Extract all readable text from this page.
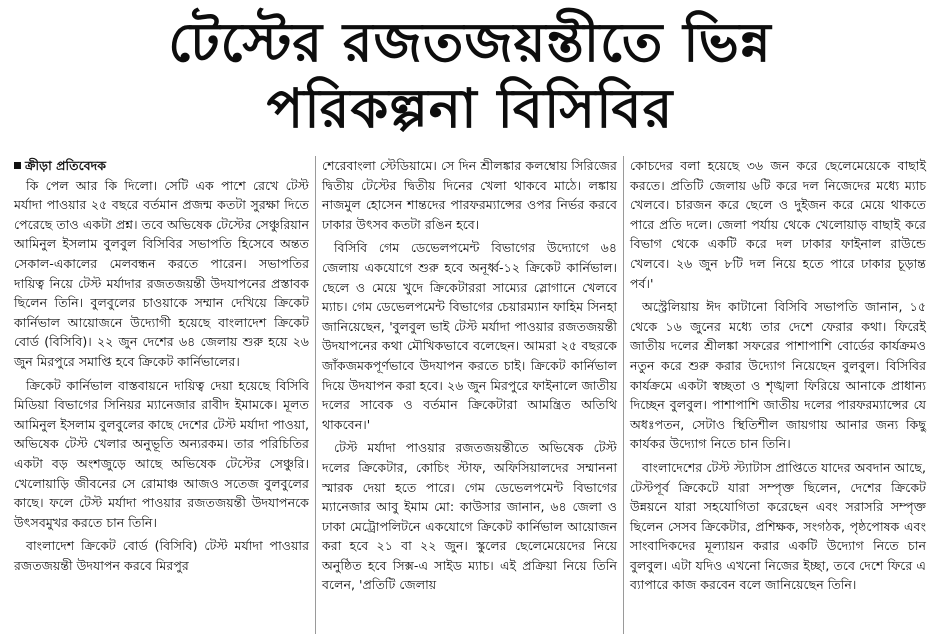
টেস্টের রজতজয়ন্তীতে ভিন্ন
পরিকল্পনা বিসিবির
ক্রীড়া প্রতিবেদক

কি পেল আর কি দিলো। সেটি এক পাশে রেখে টেস্ট মর্যাদা পাওয়ার ২৫ বছরে বর্তমান প্রজন্ম কতটা সুরক্ষা দিতে পেরেছে তাও একটা প্রশ্ন। তবে অভিষেক টেস্টের সেঞ্চুরিয়ান আমিনুল ইসলাম বুলবুল বিসিবির সভাপতি হিসেবে অন্তত সেকাল-একালের মেলবন্ধন করতে পারেন। সভাপতির দায়িত্ব নিয়ে টেস্ট মর্যাদার রজতজয়ন্তী উদযাপনের প্রস্তাবক ছিলেন তিনি। বুলবুলের চাওয়াকে সম্মান দেখিয়ে ক্রিকেট কার্নিভাল আয়োজনে উদ্যোগী হয়েছে বাংলাদেশ ক্রিকেট বোর্ড (বিসিবি)। ২২ জুন দেশের ৬৪ জেলায় শুরু হয়ে ২৬ জুন মিরপুরে সমাপ্তি হবে ক্রিকেট কার্নিভালের।

ক্রিকেট কার্নিভাল বাস্তবায়নে দায়িত্ব দেয়া হয়েছে বিসিবি মিডিয়া বিভাগের সিনিয়র ম্যানেজার রাবীদ ইমামকে। মূলত আমিনুল ইসলাম বুলবুলের কাছে দেশের টেস্ট মর্যাদা পাওয়া, অভিষেক টেস্ট খেলার অনুভূতি অন্যরকম। তার পরিচিতির একটা বড় অংশজুড়ে আছে অভিষেক টেস্টের সেঞ্চুরি। খেলোয়াড়ি জীবনের সে রোমাঞ্চ আজও সতেজ বুলবুলের কাছে। ফলে টেস্ট মর্যাদা পাওয়ার রজতজয়ন্তী উদযাপনকে উৎসবমুখর করতে চান তিনি।

বাংলাদেশ ক্রিকেট বোর্ড (বিসিবি) টেস্ট মর্যাদা পাওয়ার রজতজয়ন্তী উদযাপন করবে মিরপুর

শেরেবাংলা স্টেডিয়ামে। সে দিন শ্রীলঙ্কার কলম্বোয় সিরিজের দ্বিতীয় টেস্টের দ্বিতীয় দিনের খেলা থাকবে মাঠে। লঙ্কায় নাজমুল হোসেন শান্তদের পারফরম্যান্সের ওপর নির্ভর করবে ঢাকার উৎসব কতটা রঙিন হবে।

বিসিবি গেম ডেভেলপমেন্ট বিভাগের উদ্যোগে ৬৪ জেলায় একযোগে শুরু হবে অনূর্ধ্ব-১২ ক্রিকেট কার্নিভাল। ছেলে ও মেয়ে খুদে ক্রিকেটাররা সাম্যের স্লোগানে খেলবে ম্যাচ। গেম ডেভেলপমেন্ট বিভাগের চেয়ারম্যান ফাহিম সিনহা জানিয়েছেন, 'বুলবুল ভাই টেস্ট মর্যাদা পাওয়ার রজতজয়ন্তী উদযাপনের কথা মৌখিকভাবে বলেছেন। আমরা ২৫ বছরকে জাঁকজমকপূর্ণভাবে উদযাপন করতে চাই। ক্রিকেট কার্নিভাল দিয়ে উদযাপন করা হবে। ২৬ জুন মিরপুরে ফাইনালে জাতীয় দলের সাবেক ও বর্তমান ক্রিকেটারা আমন্ত্রিত অতিথি থাকবেন।'

টেস্ট মর্যাদা পাওয়ার রজতজয়ন্তীতে অভিষেক টেস্ট দলের ক্রিকেটার, কোচিং স্টাফ, অফিসিয়ালদের সম্মাননা স্মারক দেয়া হতে পারে। গেম ডেভেলপমেন্ট বিভাগের ম্যানেজার আবু ইমাম মো: কাউসার জানান, ৬৪ জেলা ও ঢাকা মেট্রোপলিটনে একযোগে ক্রিকেট কার্নিভাল আয়োজন করা হবে ২১ বা ২২ জুন। স্কুলের ছেলেমেয়েদের নিয়ে অনুষ্ঠিত হবে সিক্স-এ সাইড ম্যাচ। এই প্রক্রিয়া নিয়ে তিনি বলেন, 'প্রতিটি জেলায়

কোচদের বলা হয়েছে ৩৬ জন করে ছেলেমেয়েকে বাছাই করতে। প্রতিটি জেলায় ৬টি করে দল নিজেদের মধ্যে ম্যাচ খেলবে। চারজন করে ছেলে ও দুইজন করে মেয়ে থাকতে পারে প্রতি দলে। জেলা পর্যায় থেকে খেলোয়াড় বাছাই করে বিভাগ থেকে একটি করে দল ঢাকার ফাইনাল রাউন্ডে খেলবে। ২৬ জুন ৮টি দল নিয়ে হতে পারে ঢাকার চূড়ান্ত পর্ব।'

অস্ট্রেলিয়ায় ঈদ কাটানো বিসিবি সভাপতি জানান, ১৫ থেকে ১৬ জুনের মধ্যে তার দেশে ফেরার কথা। ফিরেই জাতীয় দলের শ্রীলঙ্কা সফরের পাশাপাশি বোর্ডের কার্যক্রমও নতুন করে শুরু করার উদ্যোগ নিয়েছেন বুলবুল। বিসিবির কার্যক্রমে একটা স্বচ্ছতা ও শৃঙ্খলা ফিরিয়ে আনাকে প্রাধান্য দিচ্ছেন বুলবুল। পাশাপাশি জাতীয় দলের পারফরম্যান্সের যে অধঃপতন, সেটাও স্থিতিশীল জায়গায় আনার জন্য কিছু কার্যকর উদ্যোগ নিতে চান তিনি।

বাংলাদেশের টেস্ট স্ট্যাটাস প্রাপ্তিতে যাদের অবদান আছে, টেস্টপূর্ব ক্রিকেটে যারা সম্পৃক্ত ছিলেন, দেশের ক্রিকেট উন্নয়নে যারা সহযোগিতা করেছেন এবং সরাসরি সম্পৃক্ত ছিলেন সেসব ক্রিকেটার, প্রশিক্ষক, সংগঠক, পৃষ্ঠপোষক এবং সাংবাদিকদের মূল্যায়ন করার একটি উদ্যোগ নিতে চান বুলবুল। এটা যদিও এখনো নিজের ইচ্ছা, তবে দেশে ফিরে এ ব্যাপারে কাজ করবেন বলে জানিয়েছেন তিনি।
